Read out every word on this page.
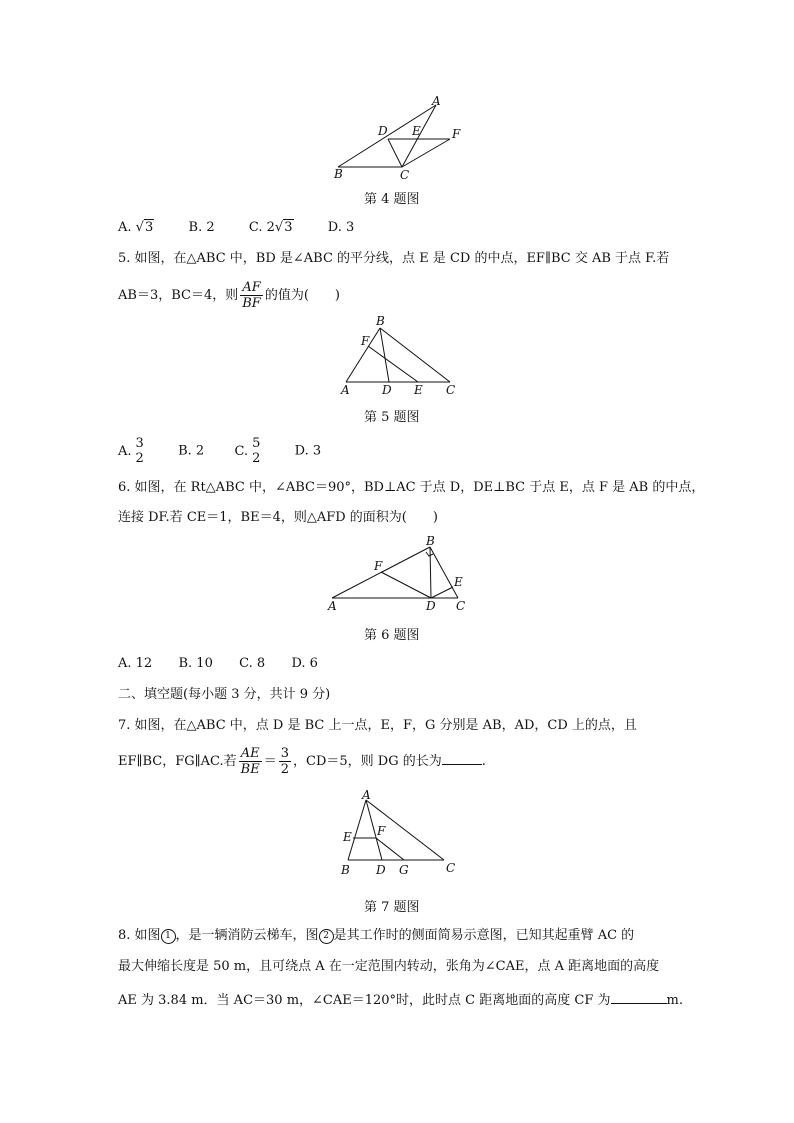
A
B	C
D E	F
第 4 题图
A. √3	B. 2	C. 2√3	D. 3
5. 如图，在△ABC 中，BD 是∠ABC 的平分线，点 E 是 CD 的中点，EF∥BC 交 AB 于点 F.若
AB＝3，BC＝4，则 $\frac{AF}{BF}$ 的值为(　　)
A
B
C
D E
F
第 5 题图
A. 3
2	B. 2 C. 5
2	D. 3
6. 如图，在 Rt△ABC 中，∠ABC＝90°，BD⊥AC 于点 D，DE⊥BC 于点 E，点 F 是 AB 的中点，
连接 DF.若 CE＝1，BE＝4，则△AFD 的面积为(　　)
A
B
C
D
E
F
第 6 题图
A. 12 B. 10 C. 8 D. 6
二、填空题(每小题 3 分，共计 9 分)
7. 如图，在△ABC 中，点 D 是 BC 上一点，E，F，G 分别是 AB，AD，CD 上的点，且
EF∥BC，FG∥AC.若 $\frac{AE}{BE} = \frac{3}{2}$ ，CD＝5，则 DG 的长为	.
A
B	C
D
E F
G
第 7 题图
8. 如图 1 ，是一辆消防云梯车，图 2 是其工作时的侧面简易示意图，已知其起重臂 AC 的
最大伸缩长度是 50 m，且可绕点 A 在一定范围内转动，张角为∠CAE，点 A 距离地面的高度
AE 为 3.84 m．当 AC＝30 m，∠CAE＝120°时，此时点 C 距离地面的高度 CF 为	m.
